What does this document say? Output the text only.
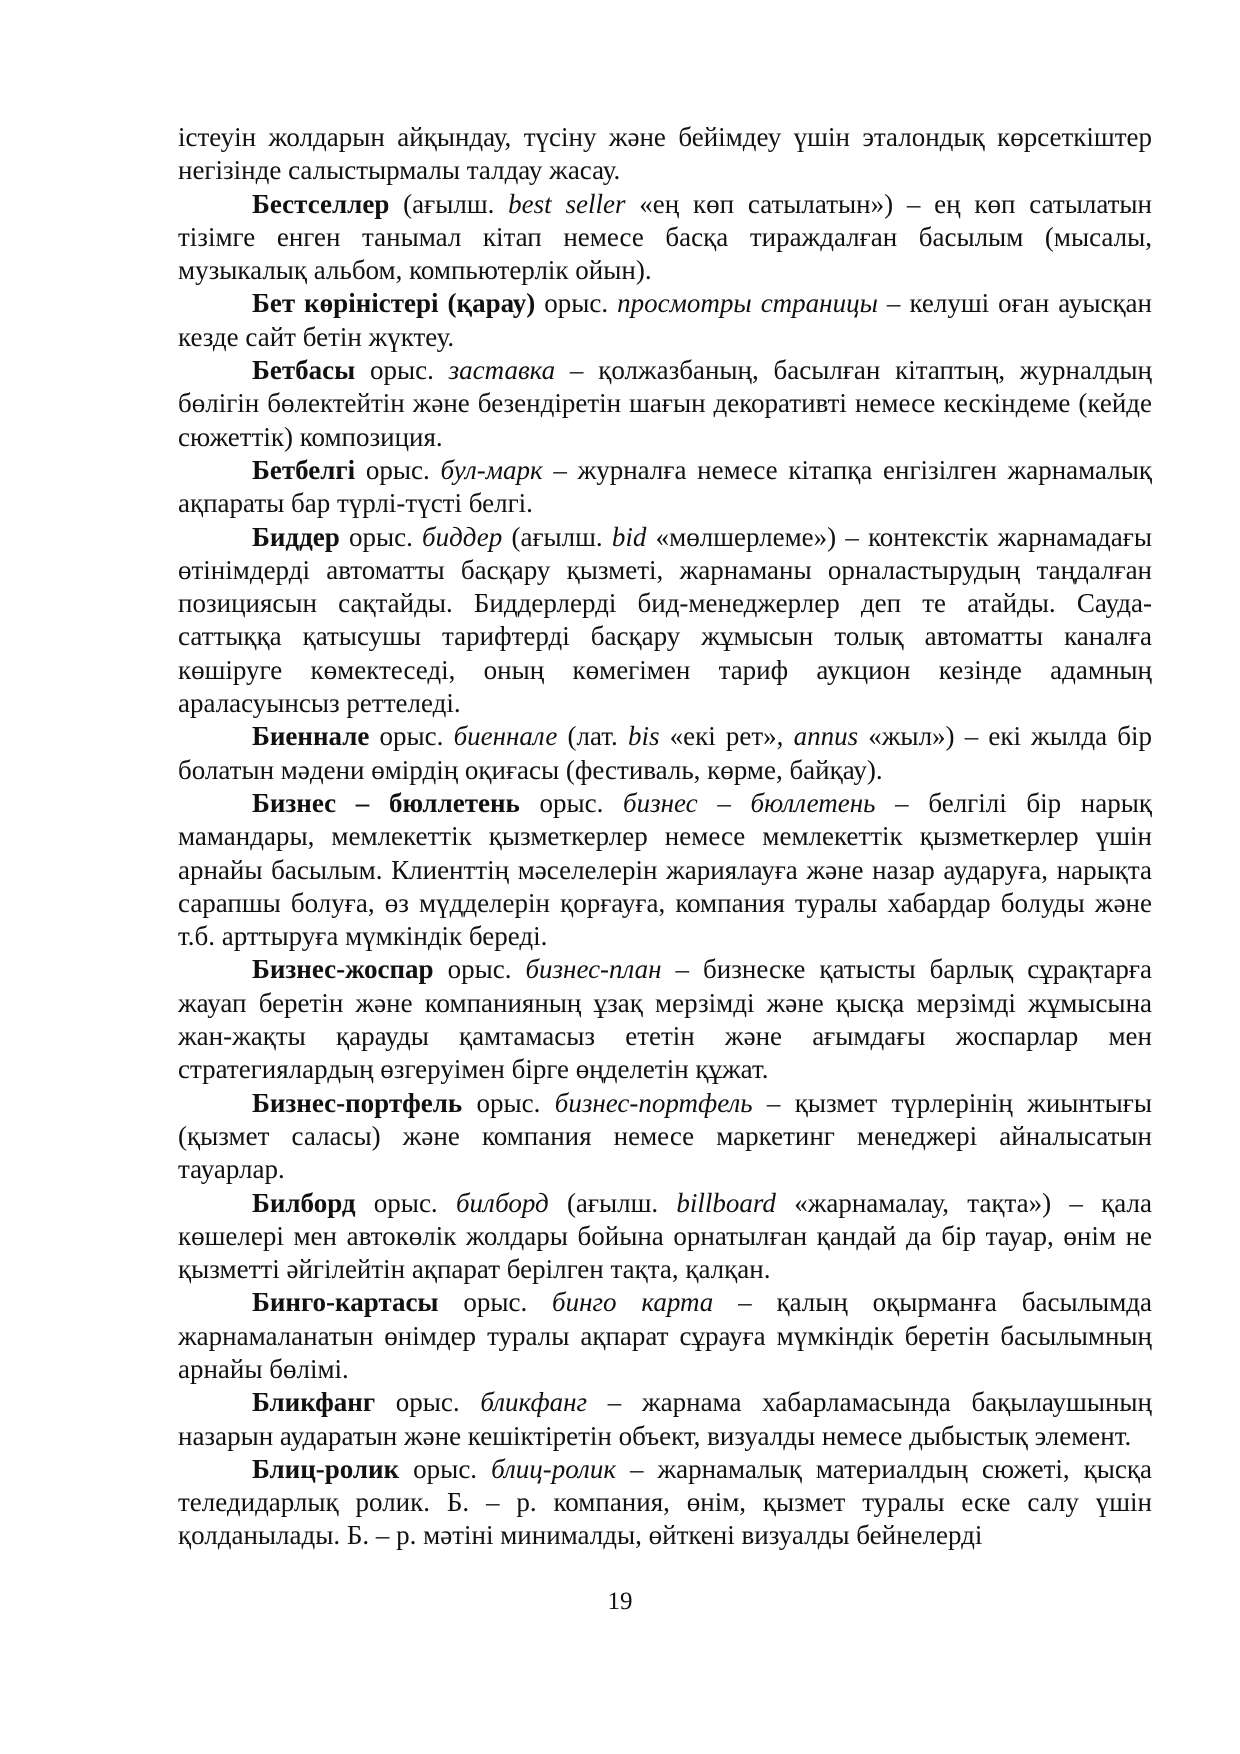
істеуін жолдарын айқындау, түсіну және бейімдеу үшін эталондық көрсеткіштер негізінде салыстырмалы талдау жасау.

Бестселлер (ағылш. best seller «ең көп сатылатын») – ең көп сатылатын тізімге енген танымал кітап немесе басқа тираждалған басылым (мысалы, музыкалық альбом, компьютерлік ойын).

Бет көріністері (қарау) орыс. просмотры страницы – келуші оған ауысқан кезде сайт бетін жүктеу.

Бетбасы орыс. заставка – қолжазбаның, басылған кітаптың, журналдың бөлігін бөлектейтін және безендіретін шағын декоративті немесе кескіндеме (кейде сюжеттік) композиция.

Бетбелгі орыс. бул-марк – журналға немесе кітапқа енгізілген жарнамалық ақпараты бар түрлі-түсті белгі.

Биддер орыс. биддер (ағылш. bid «мөлшерлеме») – контекстік жарнамадағы өтінімдерді автоматты басқару қызметі, жарнаманы орналастырудың таңдалған позициясын сақтайды. Биддерлерді бид-менеджерлер деп те атайды. Сауда-саттыққа қатысушы тарифтерді басқару жұмысын толық автоматты каналға көшіруге көмектеседі, оның көмегімен тариф аукцион кезінде адамның араласуынсыз реттеледі.

Биеннале орыс. биеннале (лат. bis «екі рет», annus «жыл») – екі жылда бір болатын мәдени өмірдің оқиғасы (фестиваль, көрме, байқау).

Бизнес – бюллетень орыс. бизнес – бюллетень – белгілі бір нарық мамандары, мемлекеттік қызметкерлер немесе мемлекеттік қызметкерлер үшін арнайы басылым. Клиенттің мәселелерін жариялауға және назар аударуға, нарықта сарапшы болуға, өз мүдделерін қорғауға, компания туралы хабардар болуды және т.б. арттыруға мүмкіндік береді.

Бизнес-жоспар орыс. бизнес-план – бизнеске қатысты барлық сұрақтарға жауап беретін және компанияның ұзақ мерзімді және қысқа мерзімді жұмысына жан-жақты қарауды қамтамасыз ететін және ағымдағы жоспарлар мен стратегиялардың өзгеруімен бірге өңделетін құжат.

Бизнес-портфель орыс. бизнес-портфель – қызмет түрлерінің жиынтығы (қызмет саласы) және компания немесе маркетинг менеджері айналысатын тауарлар.

Билборд орыс. билборд (ағылш. billboard «жарнамалау, тақта») – қала көшелері мен автокөлік жолдары бойына орнатылған қандай да бір тауар, өнім не қызметті әйгілейтін ақпарат берілген тақта, қалқан.

Бинго-картасы орыс. бинго карта – қалың оқырманға басылымда жарнамаланатын өнімдер туралы ақпарат сұрауға мүмкіндік беретін басылымның арнайы бөлімі.

Бликфанг орыс. бликфанг – жарнама хабарламасында бақылаушының назарын аударатын және кешіктіретін объект, визуалды немесе дыбыстық элемент.

Блиц-ролик орыс. блиц-ролик – жарнамалық материалдың сюжеті, қысқа теледидарлық ролик. Б. – р. компания, өнім, қызмет туралы еске салу үшін қолданылады. Б. – р. мәтіні минималды, өйткені визуалды бейнелерді

19
